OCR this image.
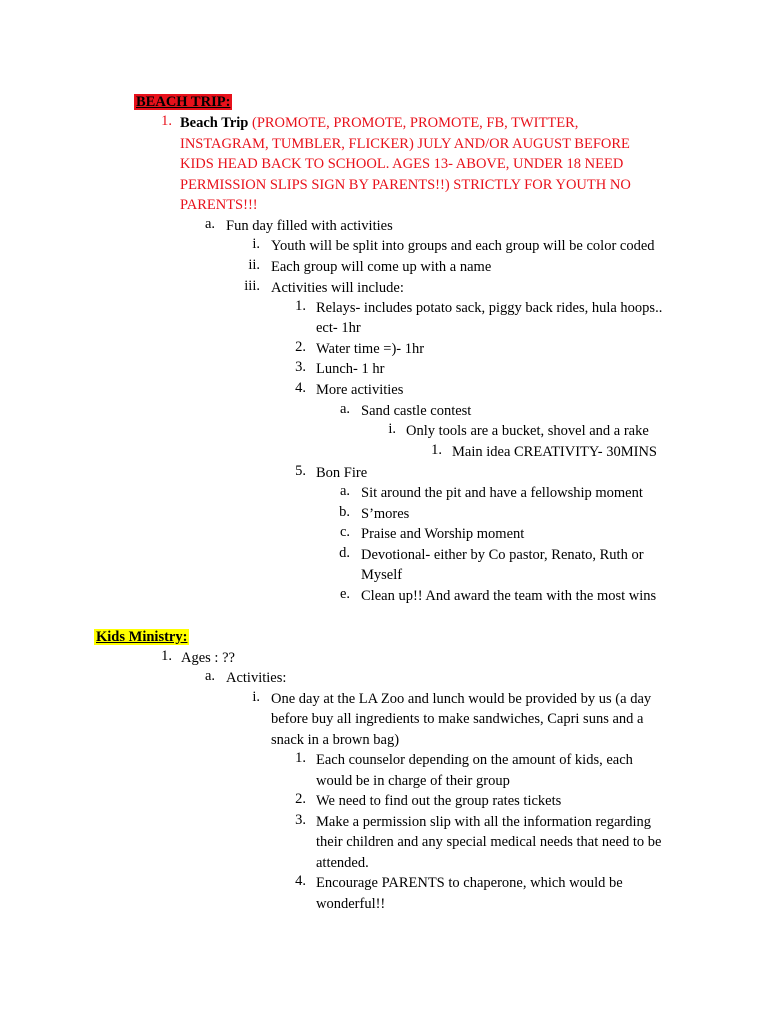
BEACH TRIP:
1. Beach Trip (PROMOTE, PROMOTE, PROMOTE, FB, TWITTER,
INSTAGRAM, TUMBLER, FLICKER) JULY AND/OR AUGUST BEFORE
KIDS HEAD BACK TO SCHOOL. AGES 13- ABOVE, UNDER 18 NEED
PERMISSION SLIPS SIGN BY PARENTS!!) STRICTLY FOR YOUTH NO
PARENTS!!!
a. Fun day filled with activities
i. Youth will be split into groups and each group will be color coded
ii. Each group will come up with a name
iii. Activities will include:
1. Relays- includes potato sack, piggy back rides, hula hoops..
ect- 1hr
2. Water time =)- 1hr
3. Lunch- 1 hr
4. More activities
a. Sand castle contest
i. Only tools are a bucket, shovel and a rake
1. Main idea CREATIVITY- 30MINS
5. Bon Fire
a. Sit around the pit and have a fellowship moment
b. S’mores
c. Praise and Worship moment
d. Devotional- either by Co pastor, Renato, Ruth or
Myself
e. Clean up!! And award the team with the most wins
Kids Ministry:
1. Ages : ??
a. Activities:
i. One day at the LA Zoo and lunch would be provided by us (a day
before buy all ingredients to make sandwiches, Capri suns and a
snack in a brown bag)
1. Each counselor depending on the amount of kids, each
would be in charge of their group
2. We need to find out the group rates tickets
3. Make a permission slip with all the information regarding
their children and any special medical needs that need to be
attended.
4. Encourage PARENTS to chaperone, which would be
wonderful!!
